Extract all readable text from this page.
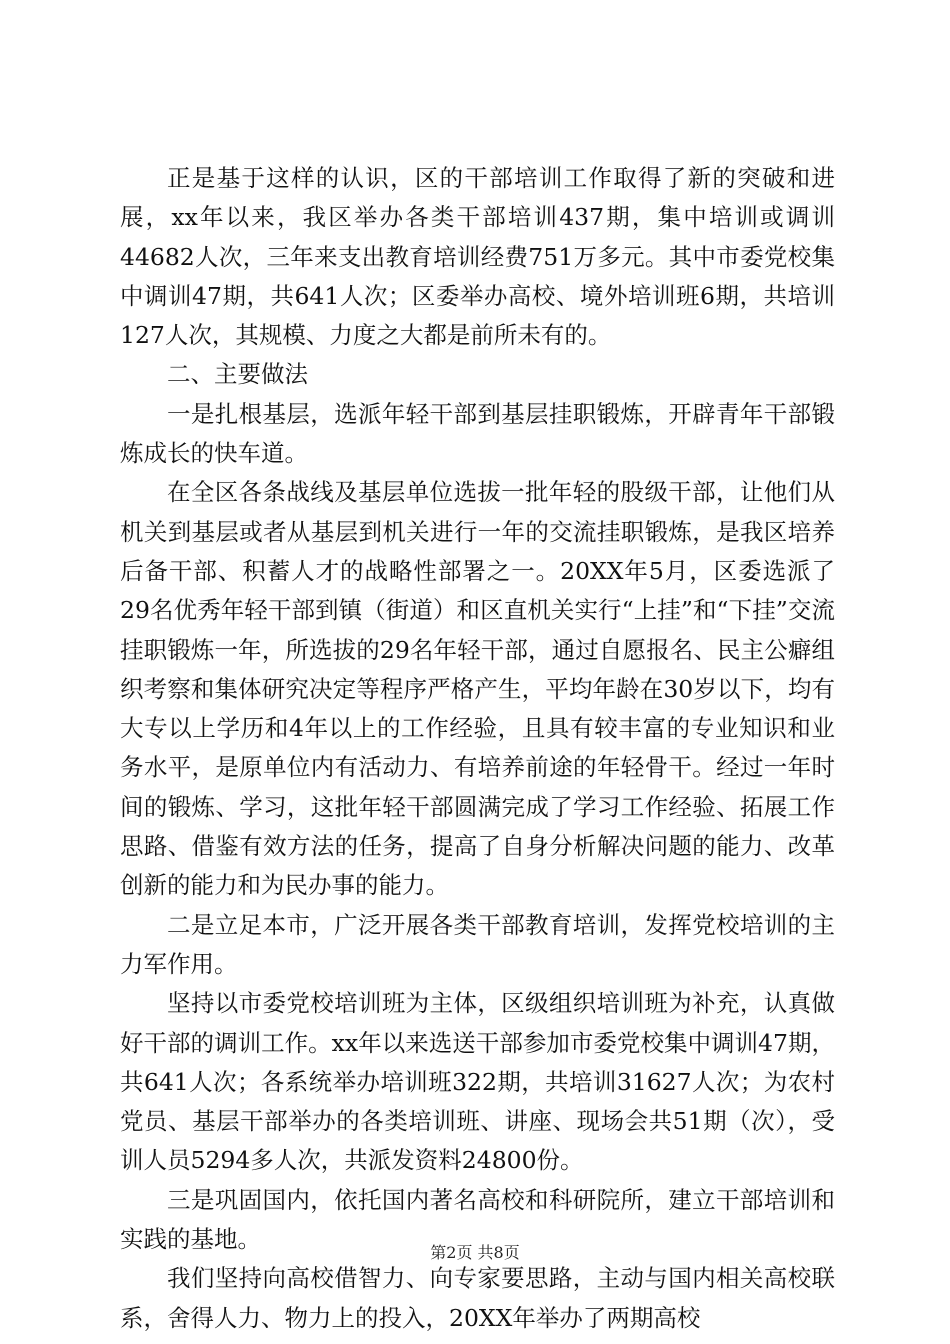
正是基于这样的认识，区的干部培训工作取得了新的突破和进展，xx年以来，我区举办各类干部培训437期，集中培训或调训44682人次，三年来支出教育培训经费751万多元。其中市委党校集中调训47期，共641人次；区委举办高校、境外培训班6期，共培训127人次，其规模、力度之大都是前所未有的。

二、主要做法

一是扎根基层，选派年轻干部到基层挂职锻炼，开辟青年干部锻炼成长的快车道。

在全区各条战线及基层单位选拔一批年轻的股级干部，让他们从机关到基层或者从基层到机关进行一年的交流挂职锻炼，是我区培养后备干部、积蓄人才的战略性部署之一。20XX年5月，区委选派了29名优秀年轻干部到镇（街道）和区直机关实行“上挂”和“下挂”交流挂职锻炼一年，所选拔的29名年轻干部，通过自愿报名、民主公癖组织考察和集体研究决定等程序严格产生，平均年龄在30岁以下，均有大专以上学历和4年以上的工作经验，且具有较丰富的专业知识和业务水平，是原单位内有活动力、有培养前途的年轻骨干。经过一年时间的锻炼、学习，这批年轻干部圆满完成了学习工作经验、拓展工作思路、借鉴有效方法的任务，提高了自身分析解决问题的能力、改革创新的能力和为民办事的能力。

二是立足本市，广泛开展各类干部教育培训，发挥党校培训的主力军作用。

坚持以市委党校培训班为主体，区级组织培训班为补充，认真做好干部的调训工作。xx年以来选送干部参加市委党校集中调训47期，共641人次；各系统举办培训班322期，共培训31627人次；为农村党员、基层干部举办的各类培训班、讲座、现场会共51期（次），受训人员5294多人次，共派发资料24800份。

三是巩固国内，依托国内著名高校和科研院所，建立干部培训和实践的基地。

我们坚持向高校借智力、向专家要思路，主动与国内相关高校联系，舍得人力、物力上的投入，20XX年举办了两期高校

第2页 共8页
